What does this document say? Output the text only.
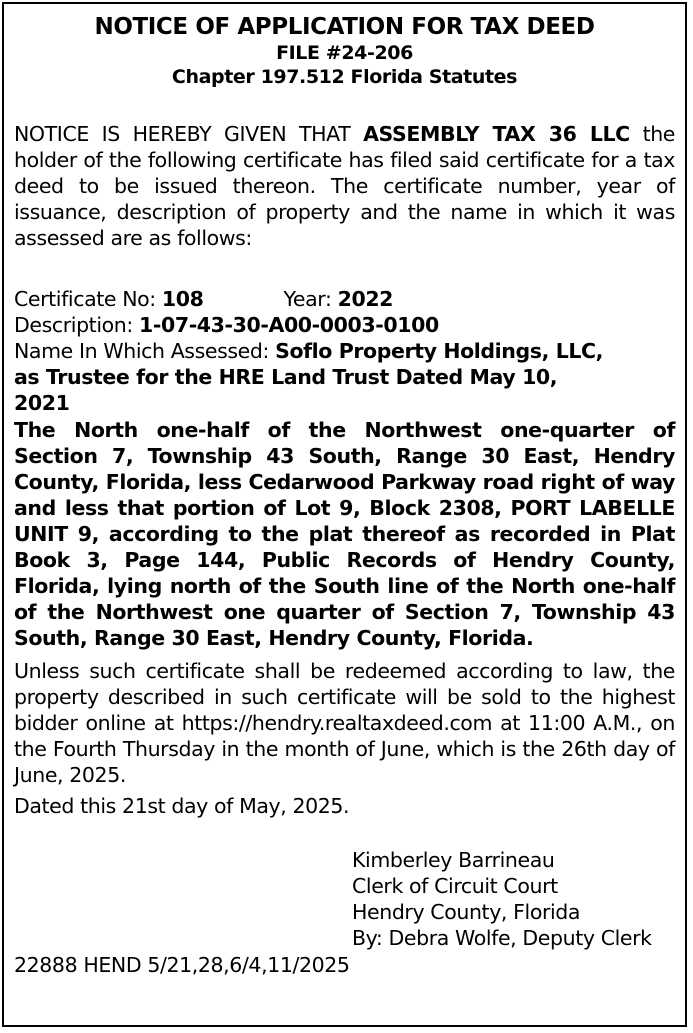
NOTICE OF APPLICATION FOR TAX DEED
FILE #24-206
Chapter 197.512 Florida Statutes
NOTICE IS HEREBY GIVEN THAT ASSEMBLY TAX 36 LLC the holder of the following certificate has filed said certificate for a tax deed to be issued thereon. The certificate number, year of issuance, description of property and the name in which it was assessed are as follows:
Certificate No:
108	Year:
2022
Description: 1-07-43-30-A00-0003-0100
Name In Which Assessed: Soflo Property Holdings, LLC, as Trustee for the HRE Land Trust Dated May 10, 2021
The North one-half of the Northwest one-quarter of Section 7, Township 43 South, Range 30 East, Hendry County, Florida, less Cedarwood Parkway road right of way and less that portion of Lot 9, Block 2308, PORT LABELLE UNIT 9, according to the plat thereof as recorded in Plat Book 3, Page 144, Public Records of Hendry County, Florida, lying north of the South line of the North one-half of the Northwest one quarter of Section 7, Township 43 South, Range 30 East, Hendry County, Florida.
Unless such certificate shall be redeemed according to law, the property described in such certificate will be sold to the highest bidder online at https://hendry.realtaxdeed.com at 11:00 A.M., on the Fourth Thursday in the month of June, which is the 26th day of June, 2025.
Dated this 21st day of May, 2025.
Kimberley Barrineau
Clerk of Circuit Court
Hendry County, Florida
By: Debra Wolfe, Deputy Clerk
22888 HEND 5/21,28,6/4,11/2025
